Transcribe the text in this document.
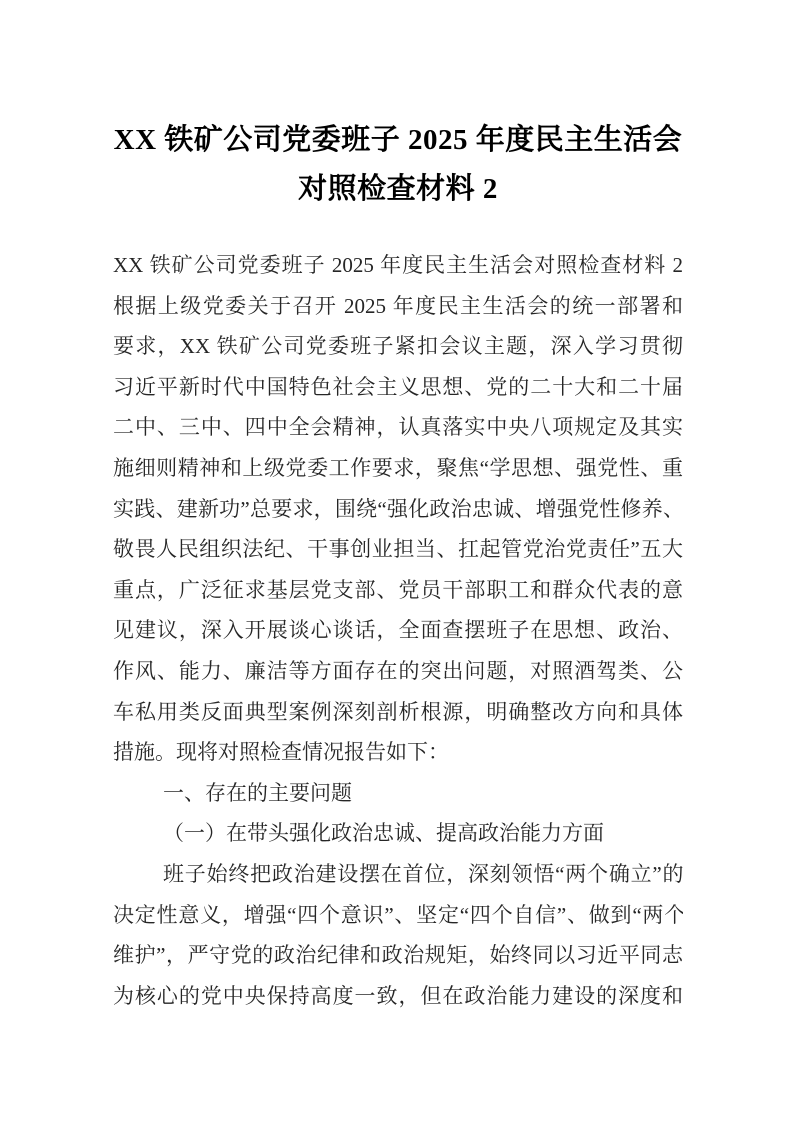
XX 铁矿公司党委班子 2025 年度民主生活会
对照检查材料 2
XX 铁矿公司党委班子 2025 年度民主生活会对照检查材料 2
根据上级党委关于召开 2025 年度民主生活会的统一部署和
要求，XX 铁矿公司党委班子紧扣会议主题，深入学习贯彻
习近平新时代中国特色社会主义思想、党的二十大和二十届
二中、三中、四中全会精神，认真落实中央八项规定及其实
施细则精神和上级党委工作要求，聚焦“学思想、强党性、重
实践、建新功”总要求，围绕“强化政治忠诚、增强党性修养、
敬畏人民组织法纪、干事创业担当、扛起管党治党责任”五大
重点，广泛征求基层党支部、党员干部职工和群众代表的意
见建议，深入开展谈心谈话，全面查摆班子在思想、政治、
作风、能力、廉洁等方面存在的突出问题，对照酒驾类、公
车私用类反面典型案例深刻剖析根源，明确整改方向和具体
措施。现将对照检查情况报告如下：
一、存在的主要问题
（一）在带头强化政治忠诚、提高政治能力方面
班子始终把政治建设摆在首位，深刻领悟“两个确立”的
决定性意义，增强“四个意识”、坚定“四个自信”、做到“两个
维护”，严守党的政治纪律和政治规矩，始终同以习近平同志
为核心的党中央保持高度一致，但在政治能力建设的深度和
